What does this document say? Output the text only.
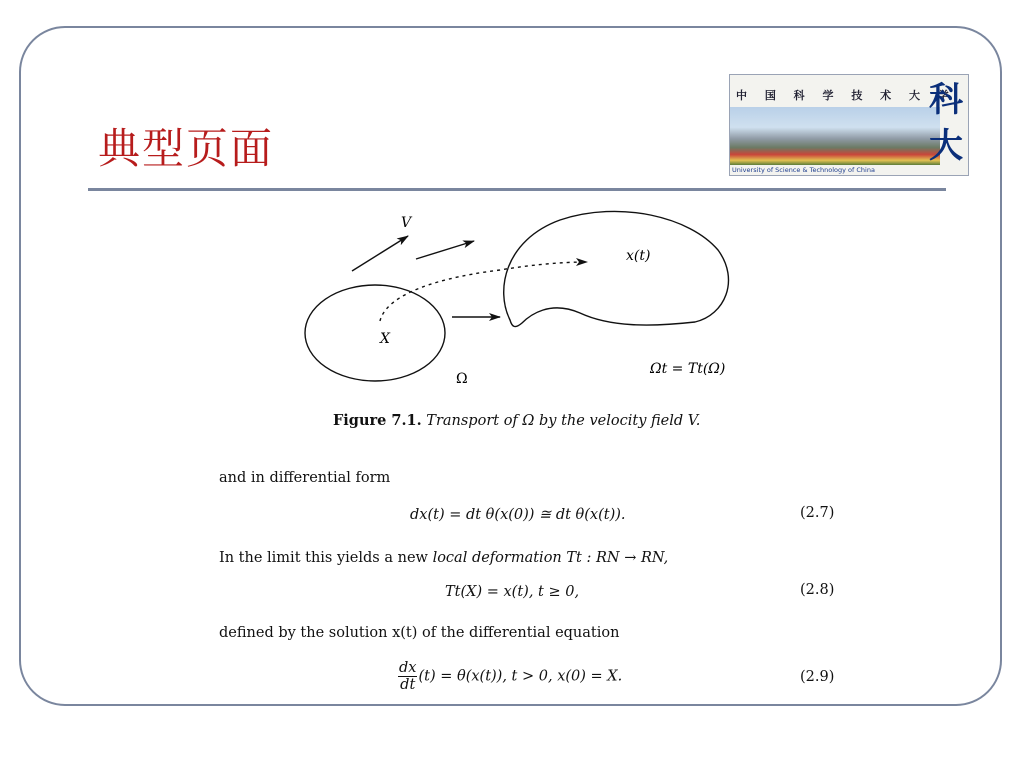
典型页面
中 国 科 学 技 术 大 学
科大
University of Science & Technology of China
V
x(t)
X
Ω
Ωt = Tt(Ω)
Figure 7.1. Transport of Ω by the velocity field V.
and in differential form
dx(t) = dt θ(x(0)) ≅ dt θ(x(t)).	(2.7)
In the limit this yields a new local deformation Tt : RN → RN,
Tt(X) = x(t), t ≥ 0,	(2.8)
defined by the solution x(t) of the differential equation
$\frac{dx}{dt} (t) = \theta(x(t))$, t > 0, x(0) = X.	(2.9)
